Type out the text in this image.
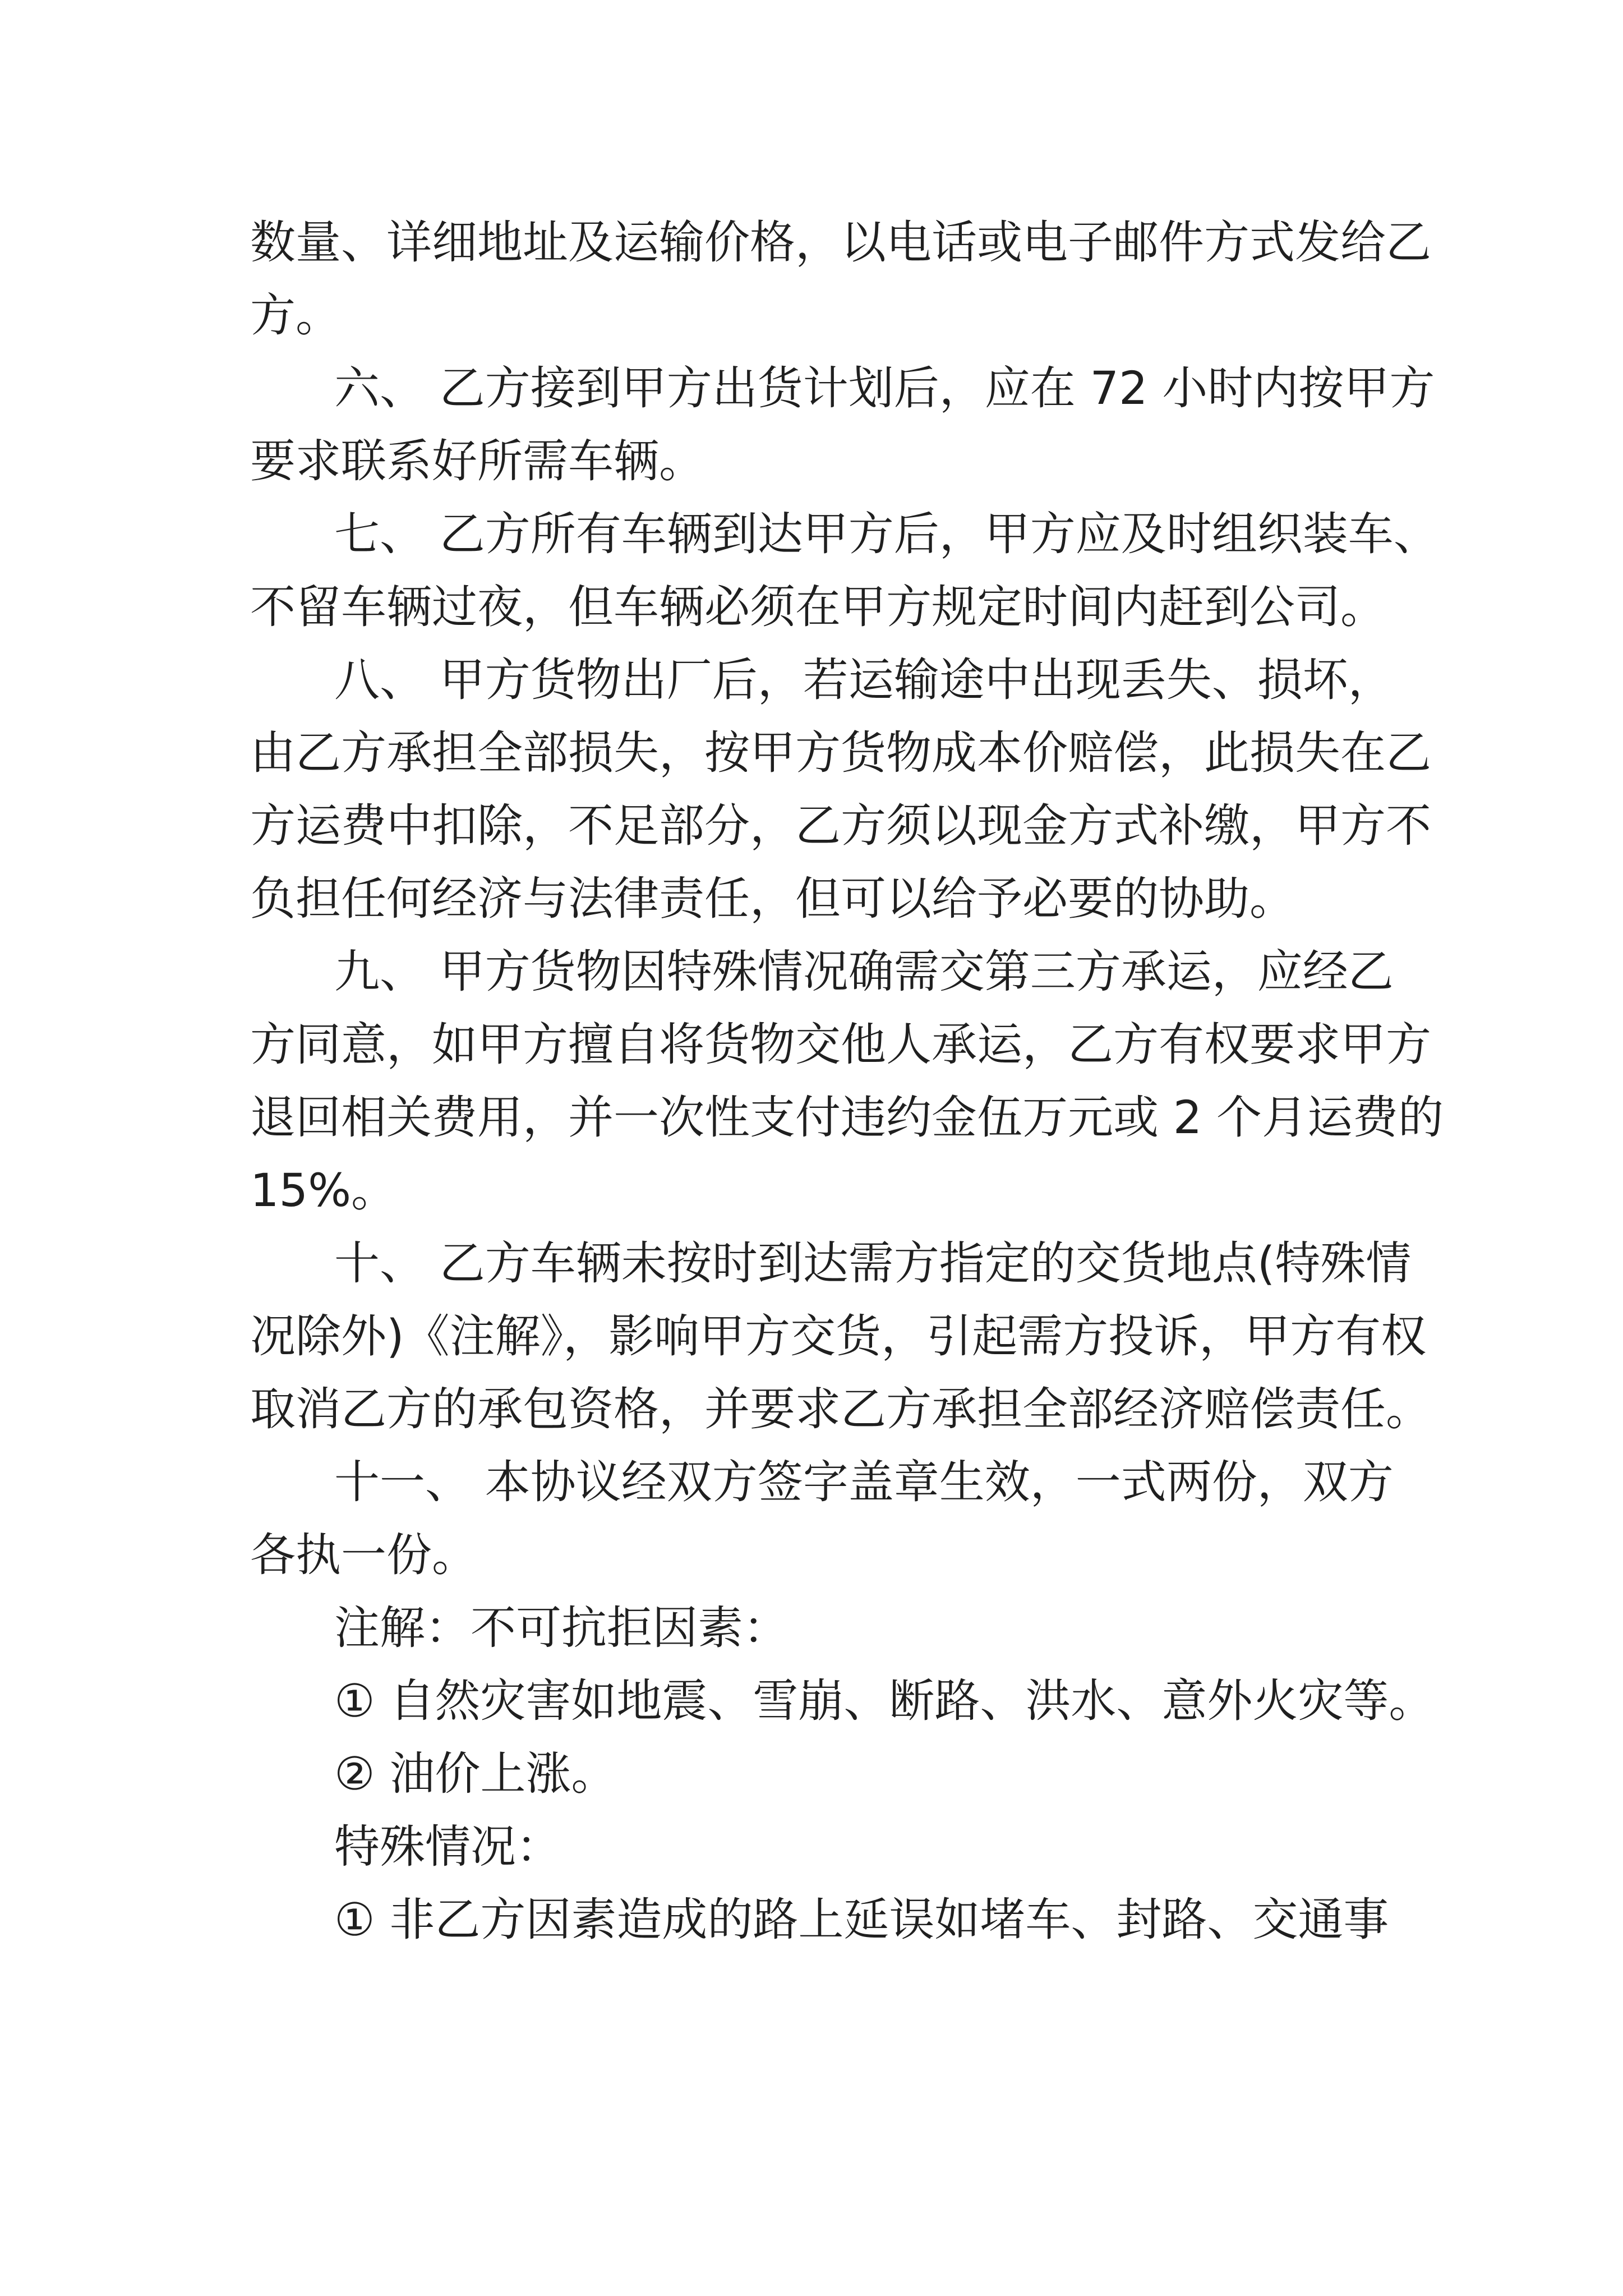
数量、详细地址及运输价格，以电话或电子邮件方式发给乙
方。
六、 乙方接到甲方出货计划后，应在 72 小时内按甲方
要求联系好所需车辆。
七、 乙方所有车辆到达甲方后，甲方应及时组织装车、
不留车辆过夜，但车辆必须在甲方规定时间内赶到公司。
八、 甲方货物出厂后，若运输途中出现丢失、损坏，
由乙方承担全部损失，按甲方货物成本价赔偿，此损失在乙
方运费中扣除，不足部分，乙方须以现金方式补缴，甲方不
负担任何经济与法律责任，但可以给予必要的协助。
九、 甲方货物因特殊情况确需交第三方承运，应经乙
方同意，如甲方擅自将货物交他人承运，乙方有权要求甲方
退回相关费用，并一次性支付违约金伍万元或 2 个月运费的
15%。
十、 乙方车辆未按时到达需方指定的交货地点(特殊情
况除外)《注解》，影响甲方交货，引起需方投诉，甲方有权
取消乙方的承包资格，并要求乙方承担全部经济赔偿责任。
十一、 本协议经双方签字盖章生效，一式两份，双方
各执一份。
注解：不可抗拒因素：
① 自然灾害如地震、雪崩、断路、洪水、意外火灾等。
② 油价上涨。
特殊情况：
① 非乙方因素造成的路上延误如堵车、封路、交通事
